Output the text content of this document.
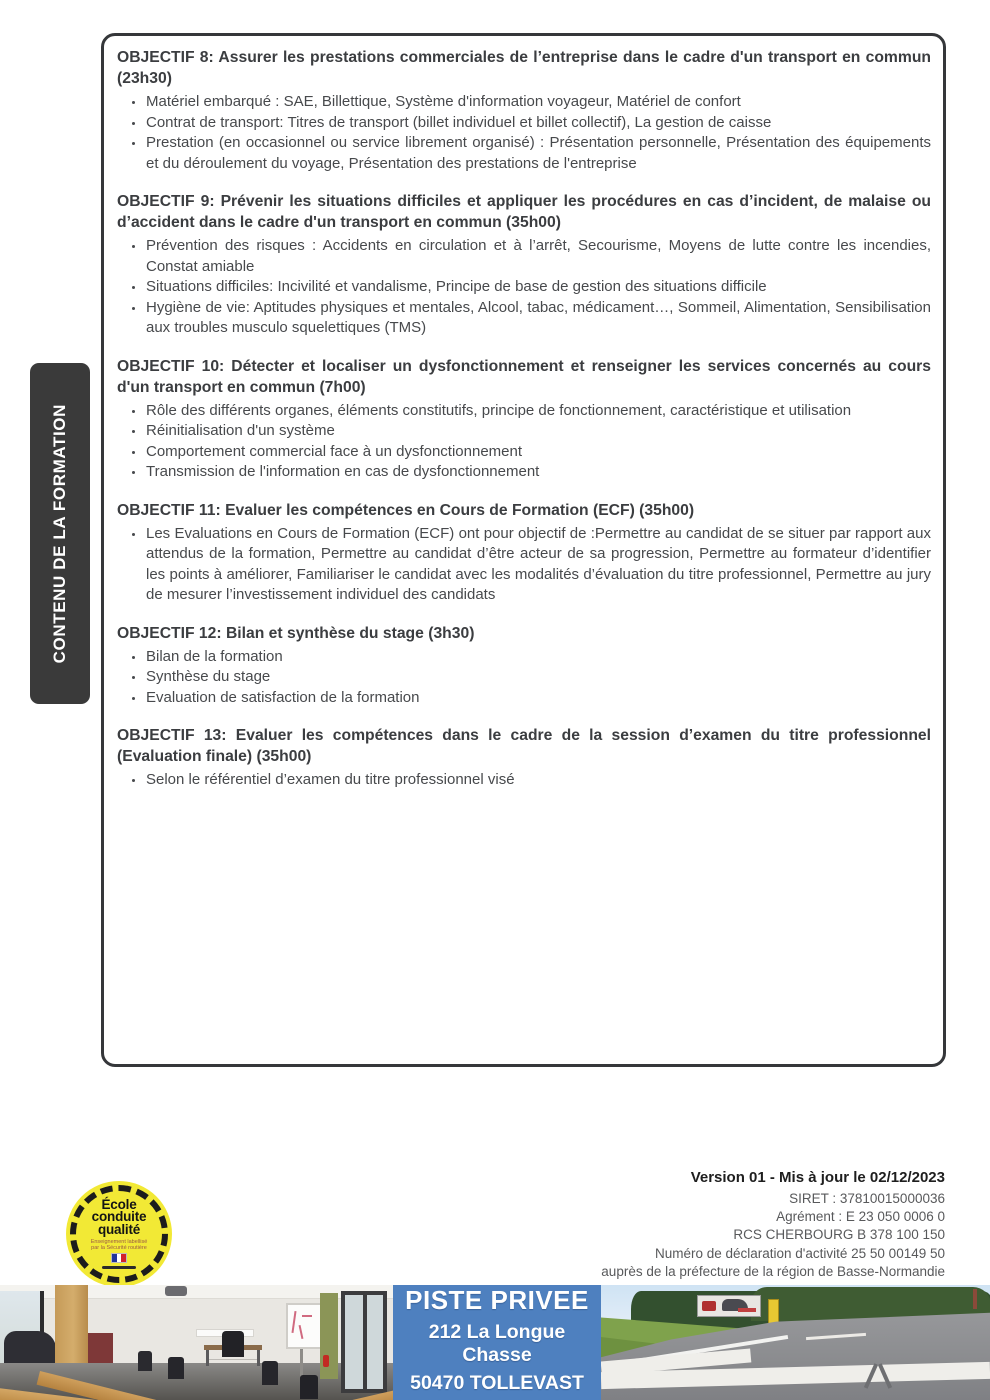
CONTENU DE LA FORMATION

OBJECTIF 8: Assurer les prestations commerciales de l’entreprise dans le cadre d'un transport en commun (23h30)

• Matériel embarqué : SAE, Billettique, Système d'information voyageur, Matériel de confort
• Contrat de transport: Titres de transport (billet individuel et billet collectif), La gestion de caisse
• Prestation (en occasionnel ou service librement organisé) : Présentation personnelle, Présentation des équipements et du déroulement du voyage, Présentation des prestations de l'entreprise

OBJECTIF 9: Prévenir les situations difficiles et appliquer les procédures en cas d’incident, de malaise ou d’accident dans le cadre d'un transport en commun (35h00)

• Prévention des risques : Accidents en circulation et à l’arrêt, Secourisme, Moyens de lutte contre les incendies, Constat amiable
• Situations difficiles: Incivilité et vandalisme, Principe de base de gestion des situations difficile
• Hygiène de vie: Aptitudes physiques et mentales, Alcool, tabac, médicament…, Sommeil, Alimentation, Sensibilisation aux troubles musculo squelettiques (TMS)

OBJECTIF 10: Détecter et localiser un dysfonctionnement et renseigner les services concernés au cours d'un transport en commun (7h00)

• Rôle des différents organes, éléments constitutifs, principe de fonctionnement, caractéristique et utilisation
• Réinitialisation d'un système
• Comportement commercial face à un dysfonctionnement
• Transmission de l'information en cas de dysfonctionnement

OBJECTIF 11: Evaluer les compétences en Cours de Formation (ECF) (35h00)

• Les Evaluations en Cours de Formation (ECF) ont pour objectif de :Permettre au candidat de se situer par rapport aux attendus de la formation, Permettre au candidat d’être acteur de sa progression, Permettre au formateur d’identifier les points à améliorer, Familiariser le candidat avec les modalités d’évaluation du titre professionnel, Permettre au jury de mesurer l’investissement individuel des candidats

OBJECTIF 12: Bilan et synthèse du stage (3h30)

• Bilan de la formation
• Synthèse du stage
• Evaluation de satisfaction de la formation

OBJECTIF 13: Evaluer les compétences dans le cadre de la session d’examen du titre professionnel (Evaluation finale) (35h00)

• Selon le référentiel d’examen du titre professionnel visé
Version 01 - Mis à jour le 02/12/2023
SIRET : 37810015000036
Agrément : E 23 050 0006 0
RCS CHERBOURG B 378 100 150
Numéro de déclaration d'activité 25 50 00149 50
auprès de la préfecture de la région de Basse-Normandie
École
conduite
qualité
Enseignement labellisé par la Sécurité routière
PISTE PRIVEE
212 La Longue Chasse
50470 TOLLEVAST
